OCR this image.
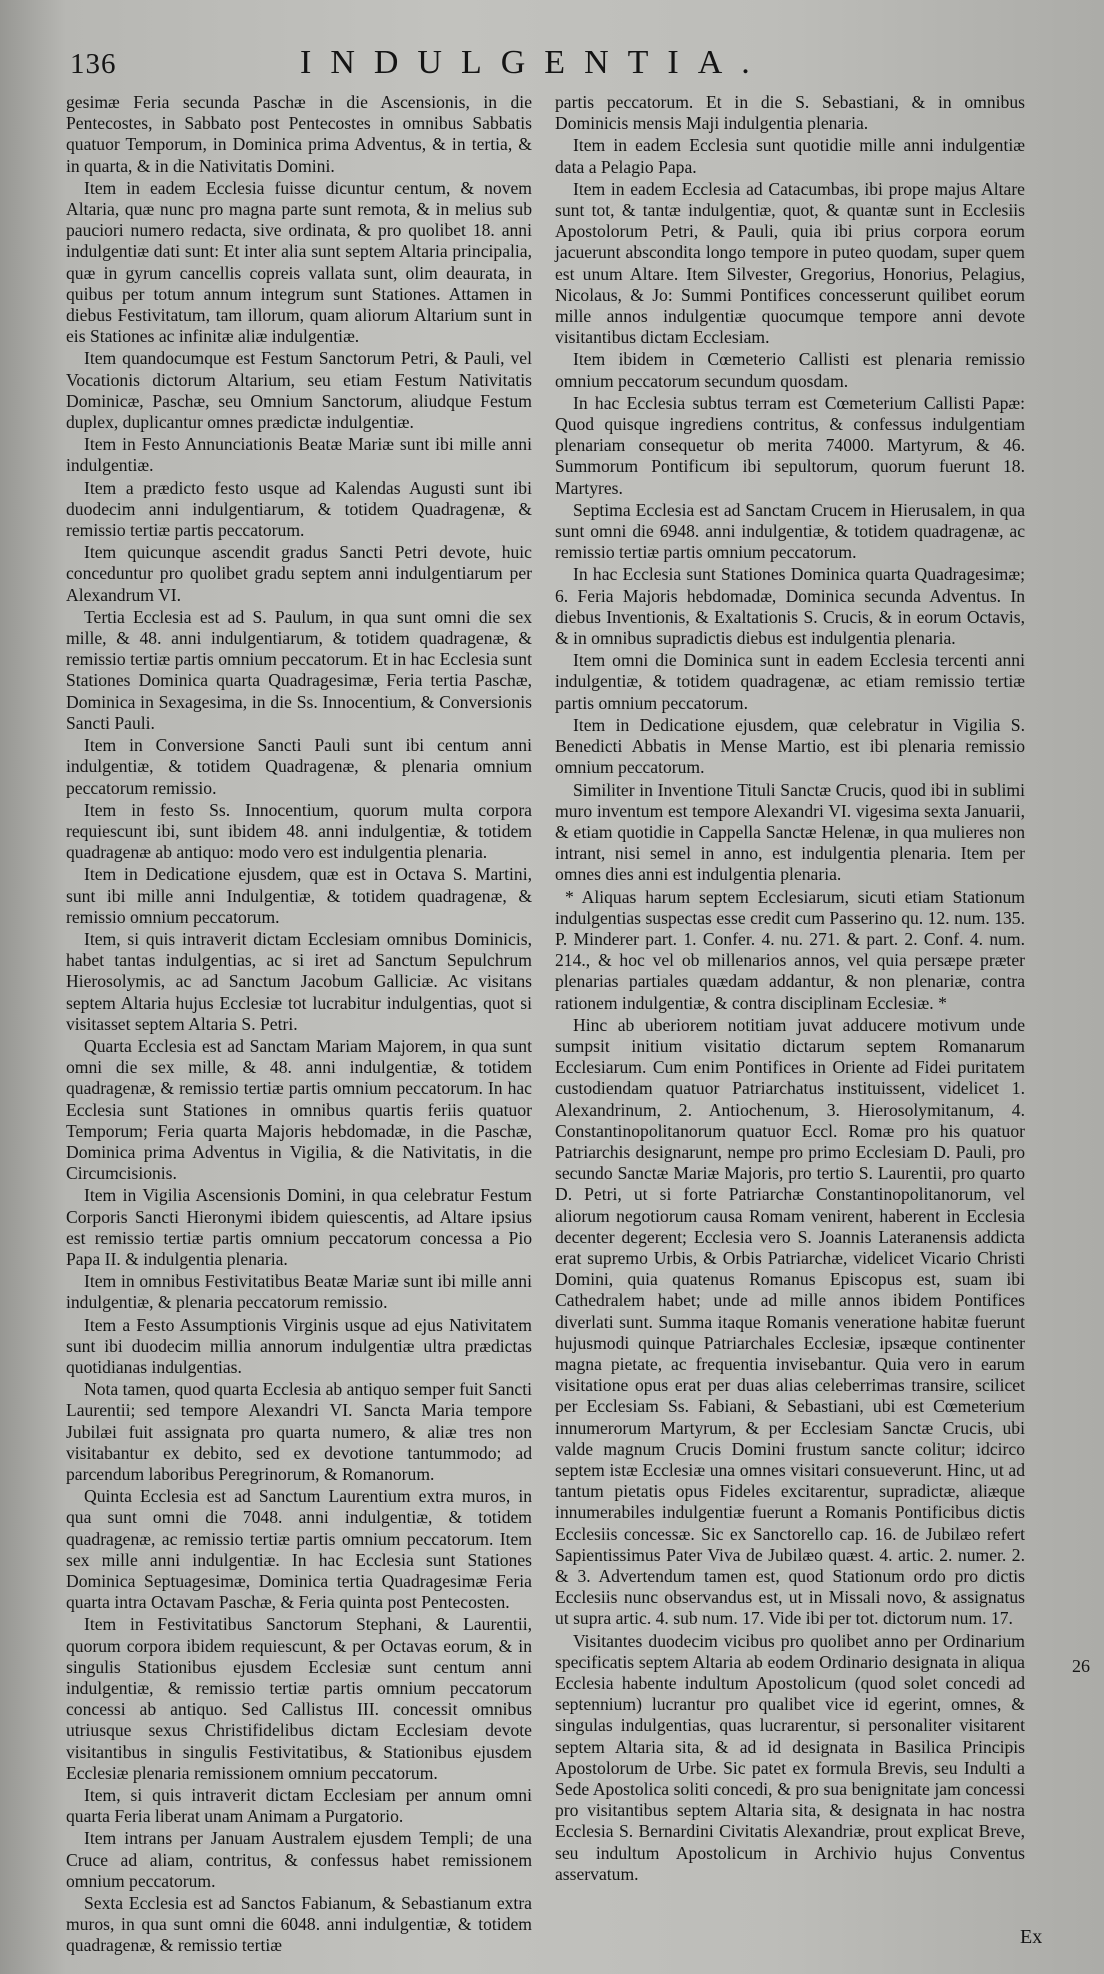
136	INDULGENTIA.

gesimæ Feria secunda Paschæ in die Ascensionis, in die Pentecostes, in Sabbato post Pentecostes in omnibus Sabbatis quatuor Temporum, in Dominica prima Adventus, & in tertia, & in quarta, & in die Nativitatis Domini.

Item in eadem Ecclesia fuisse dicuntur centum, & novem Altaria, quæ nunc pro magna parte sunt remota, & in melius sub pauciori numero redacta, sive ordinata, & pro quolibet 18. anni indulgentiæ dati sunt: Et inter alia sunt septem Altaria principalia, quæ in gyrum cancellis copreis vallata sunt, olim deaurata, in quibus per totum annum integrum sunt Stationes. Attamen in diebus Festivitatum, tam illorum, quam aliorum Altarium sunt in eis Stationes ac infinitæ aliæ indulgentiæ.

Item quandocumque est Festum Sanctorum Petri, & Pauli, vel Vocationis dictorum Altarium, seu etiam Festum Nativitatis Dominicæ, Paschæ, seu Omnium Sanctorum, aliudque Festum duplex, duplicantur omnes prædictæ indulgentiæ.

Item in Festo Annunciationis Beatæ Mariæ sunt ibi mille anni indulgentiæ.

Item a prædicto festo usque ad Kalendas Augusti sunt ibi duodecim anni indulgentiarum, & totidem Quadragenæ, & remissio tertiæ partis peccatorum.

Item quicunque ascendit gradus Sancti Petri devote, huic conceduntur pro quolibet gradu septem anni indulgentiarum per Alexandrum VI.

Tertia Ecclesia est ad S. Paulum, in qua sunt omni die sex mille, & 48. anni indulgentiarum, & totidem quadragenæ, & remissio tertiæ partis omnium peccatorum. Et in hac Ecclesia sunt Stationes Dominica quarta Quadragesimæ, Feria tertia Paschæ, Dominica in Sexagesima, in die Ss. Innocentium, & Conversionis Sancti Pauli.

Item in Conversione Sancti Pauli sunt ibi centum anni indulgentiæ, & totidem Quadragenæ, & plenaria omnium peccatorum remissio.

Item in festo Ss. Innocentium, quorum multa corpora requiescunt ibi, sunt ibidem 48. anni indulgentiæ, & totidem quadragenæ ab antiquo: modo vero est indulgentia plenaria.

Item in Dedicatione ejusdem, quæ est in Octava S. Martini, sunt ibi mille anni Indulgentiæ, & totidem quadragenæ, & remissio omnium peccatorum.

Item, si quis intraverit dictam Ecclesiam omnibus Dominicis, habet tantas indulgentias, ac si iret ad Sanctum Sepulchrum Hierosolymis, ac ad Sanctum Jacobum Galliciæ. Ac visitans septem Altaria hujus Ecclesiæ tot lucrabitur indulgentias, quot si visitasset septem Altaria S. Petri.

Quarta Ecclesia est ad Sanctam Mariam Majorem, in qua sunt omni die sex mille, & 48. anni indulgentiæ, & totidem quadragenæ, & remissio tertiæ partis omnium peccatorum. In hac Ecclesia sunt Stationes in omnibus quartis feriis quatuor Temporum; Feria quarta Majoris hebdomadæ, in die Paschæ, Dominica prima Adventus in Vigilia, & die Nativitatis, in die Circumcisionis.

Item in Vigilia Ascensionis Domini, in qua celebratur Festum Corporis Sancti Hieronymi ibidem quiescentis, ad Altare ipsius est remissio tertiæ partis omnium peccatorum concessa a Pio Papa II. & indulgentia plenaria.

Item in omnibus Festivitatibus Beatæ Mariæ sunt ibi mille anni indulgentiæ, & plenaria peccatorum remissio.

Item a Festo Assumptionis Virginis usque ad ejus Nativitatem sunt ibi duodecim millia annorum indulgentiæ ultra prædictas quotidianas indulgentias.

Nota tamen, quod quarta Ecclesia ab antiquo semper fuit Sancti Laurentii; sed tempore Alexandri VI. Sancta Maria tempore Jubilæi fuit assignata pro quarta numero, & aliæ tres non visitabantur ex debito, sed ex devotione tantummodo; ad parcendum laboribus Peregrinorum, & Romanorum.

Quinta Ecclesia est ad Sanctum Laurentium extra muros, in qua sunt omni die 7048. anni indulgentiæ, & totidem quadragenæ, ac remissio tertiæ partis omnium peccatorum. Item sex mille anni indulgentiæ. In hac Ecclesia sunt Stationes Dominica Septuagesimæ, Dominica tertia Quadragesimæ Feria quarta intra Octavam Paschæ, & Feria quinta post Pentecosten.

Item in Festivitatibus Sanctorum Stephani, & Laurentii, quorum corpora ibidem requiescunt, & per Octavas eorum, & in singulis Stationibus ejusdem Ecclesiæ sunt centum anni indulgentiæ, & remissio tertiæ partis omnium peccatorum concessi ab antiquo. Sed Callistus III. concessit omnibus utriusque sexus Christifidelibus dictam Ecclesiam devote visitantibus in singulis Festivitatibus, & Stationibus ejusdem Ecclesiæ plenaria remissionem omnium peccatorum.

Item, si quis intraverit dictam Ecclesiam per annum omni quarta Feria liberat unam Animam a Purgatorio.

Item intrans per Januam Australem ejusdem Templi; de una Cruce ad aliam, contritus, & confessus habet remissionem omnium peccatorum.

Sexta Ecclesia est ad Sanctos Fabianum, & Sebastianum extra muros, in qua sunt omni die 6048. anni indulgentiæ, & totidem quadragenæ, & remissio tertiæ

partis peccatorum. Et in die S. Sebastiani, & in omnibus Dominicis mensis Maji indulgentia plenaria.

Item in eadem Ecclesia sunt quotidie mille anni indulgentiæ data a Pelagio Papa.

Item in eadem Ecclesia ad Catacumbas, ibi prope majus Altare sunt tot, & tantæ indulgentiæ, quot, & quantæ sunt in Ecclesiis Apostolorum Petri, & Pauli, quia ibi prius corpora eorum jacuerunt abscondita longo tempore in puteo quodam, super quem est unum Altare. Item Silvester, Gregorius, Honorius, Pelagius, Nicolaus, & Jo: Summi Pontifices concesserunt quilibet eorum mille annos indulgentiæ quocumque tempore anni devote visitantibus dictam Ecclesiam.

Item ibidem in Cœmeterio Callisti est plenaria remissio omnium peccatorum secundum quosdam.

In hac Ecclesia subtus terram est Cœmeterium Callisti Papæ: Quod quisque ingrediens contritus, & confessus indulgentiam plenariam consequetur ob merita 74000. Martyrum, & 46. Summorum Pontificum ibi sepultorum, quorum fuerunt 18. Martyres.

Septima Ecclesia est ad Sanctam Crucem in Hierusalem, in qua sunt omni die 6948. anni indulgentiæ, & totidem quadragenæ, ac remissio tertiæ partis omnium peccatorum.

In hac Ecclesia sunt Stationes Dominica quarta Quadragesimæ; 6. Feria Majoris hebdomadæ, Dominica secunda Adventus. In diebus Inventionis, & Exaltationis S. Crucis, & in eorum Octavis, & in omnibus supradictis diebus est indulgentia plenaria.

Item omni die Dominica sunt in eadem Ecclesia tercenti anni indulgentiæ, & totidem quadragenæ, ac etiam remissio tertiæ partis omnium peccatorum.

Item in Dedicatione ejusdem, quæ celebratur in Vigilia S. Benedicti Abbatis in Mense Martio, est ibi plenaria remissio omnium peccatorum.

Similiter in Inventione Tituli Sanctæ Crucis, quod ibi in sublimi muro inventum est tempore Alexandri VI. vigesima sexta Januarii, & etiam quotidie in Cappella Sanctæ Helenæ, in qua mulieres non intrant, nisi semel in anno, est indulgentia plenaria. Item per omnes dies anni est indulgentia plenaria.

* Aliquas harum septem Ecclesiarum, sicuti etiam Stationum indulgentias suspectas esse credit cum Passerino qu. 12. num. 135. P. Minderer part. 1. Confer. 4. nu. 271. & part. 2. Conf. 4. num. 214., & hoc vel ob millenarios annos, vel quia persæpe præter plenarias partiales quædam addantur, & non plenariæ, contra rationem indulgentiæ, & contra disciplinam Ecclesiæ. *

Hinc ab uberiorem notitiam juvat adducere motivum unde sumpsit initium visitatio dictarum septem Romanarum Ecclesiarum. Cum enim Pontifices in Oriente ad Fidei puritatem custodiendam quatuor Patriarchatus instituissent, videlicet 1. Alexandrinum, 2. Antiochenum, 3. Hierosolymitanum, 4. Constantinopolitanorum quatuor Eccl. Romæ pro his quatuor Patriarchis designarunt, nempe pro primo Ecclesiam D. Pauli, pro secundo Sanctæ Mariæ Majoris, pro tertio S. Laurentii, pro quarto D. Petri, ut si forte Patriarchæ Constantinopolitanorum, vel aliorum negotiorum causa Romam venirent, haberent in Ecclesia decenter degerent; Ecclesia vero S. Joannis Lateranensis addicta erat supremo Urbis, & Orbis Patriarchæ, videlicet Vicario Christi Domini, quia quatenus Romanus Episcopus est, suam ibi Cathedralem habet; unde ad mille annos ibidem Pontifices diverlati sunt. Summa itaque Romanis veneratione habitæ fuerunt hujusmodi quinque Patriarchales Ecclesiæ, ipsæque continenter magna pietate, ac frequentia invisebantur. Quia vero in earum visitatione opus erat per duas alias celeberrimas transire, scilicet per Ecclesiam Ss. Fabiani, & Sebastiani, ubi est Cœmeterium innumerorum Martyrum, & per Ecclesiam Sanctæ Crucis, ubi valde magnum Crucis Domini frustum sancte colitur; idcirco septem istæ Ecclesiæ una omnes visitari consueverunt. Hinc, ut ad tantum pietatis opus Fideles excitarentur, supradictæ, aliæque innumerabiles indulgentiæ fuerunt a Romanis Pontificibus dictis Ecclesiis concessæ. Sic ex Sanctorello cap. 16. de Jubilæo refert Sapientissimus Pater Viva de Jubilæo quæst. 4. artic. 2. numer. 2. & 3. Advertendum tamen est, quod Stationum ordo pro dictis Ecclesiis nunc observandus est, ut in Missali novo, & assignatus ut supra artic. 4. sub num. 17. Vide ibi per tot. dictorum num. 17.

Visitantes duodecim vicibus pro quolibet anno per Ordinarium specificatis septem Altaria ab eodem Ordinario designata in aliqua Ecclesia habente indultum Apostolicum (quod solet concedi ad septennium) lucrantur pro qualibet vice id egerint, omnes, & singulas indulgentias, quas lucrarentur, si personaliter visitarent septem Altaria sita, & ad id designata in Basilica Principis Apostolorum de Urbe. Sic patet ex formula Brevis, seu Indulti a Sede Apostolica soliti concedi, & pro sua benignitate jam concessi pro visitantibus septem Altaria sita, & designata in hac nostra Ecclesia S. Bernardini Civitatis Alexandriæ, prout explicat Breve, seu indultum Apostolicum in Archivio hujus Conventus asservatum.

26
Ex
